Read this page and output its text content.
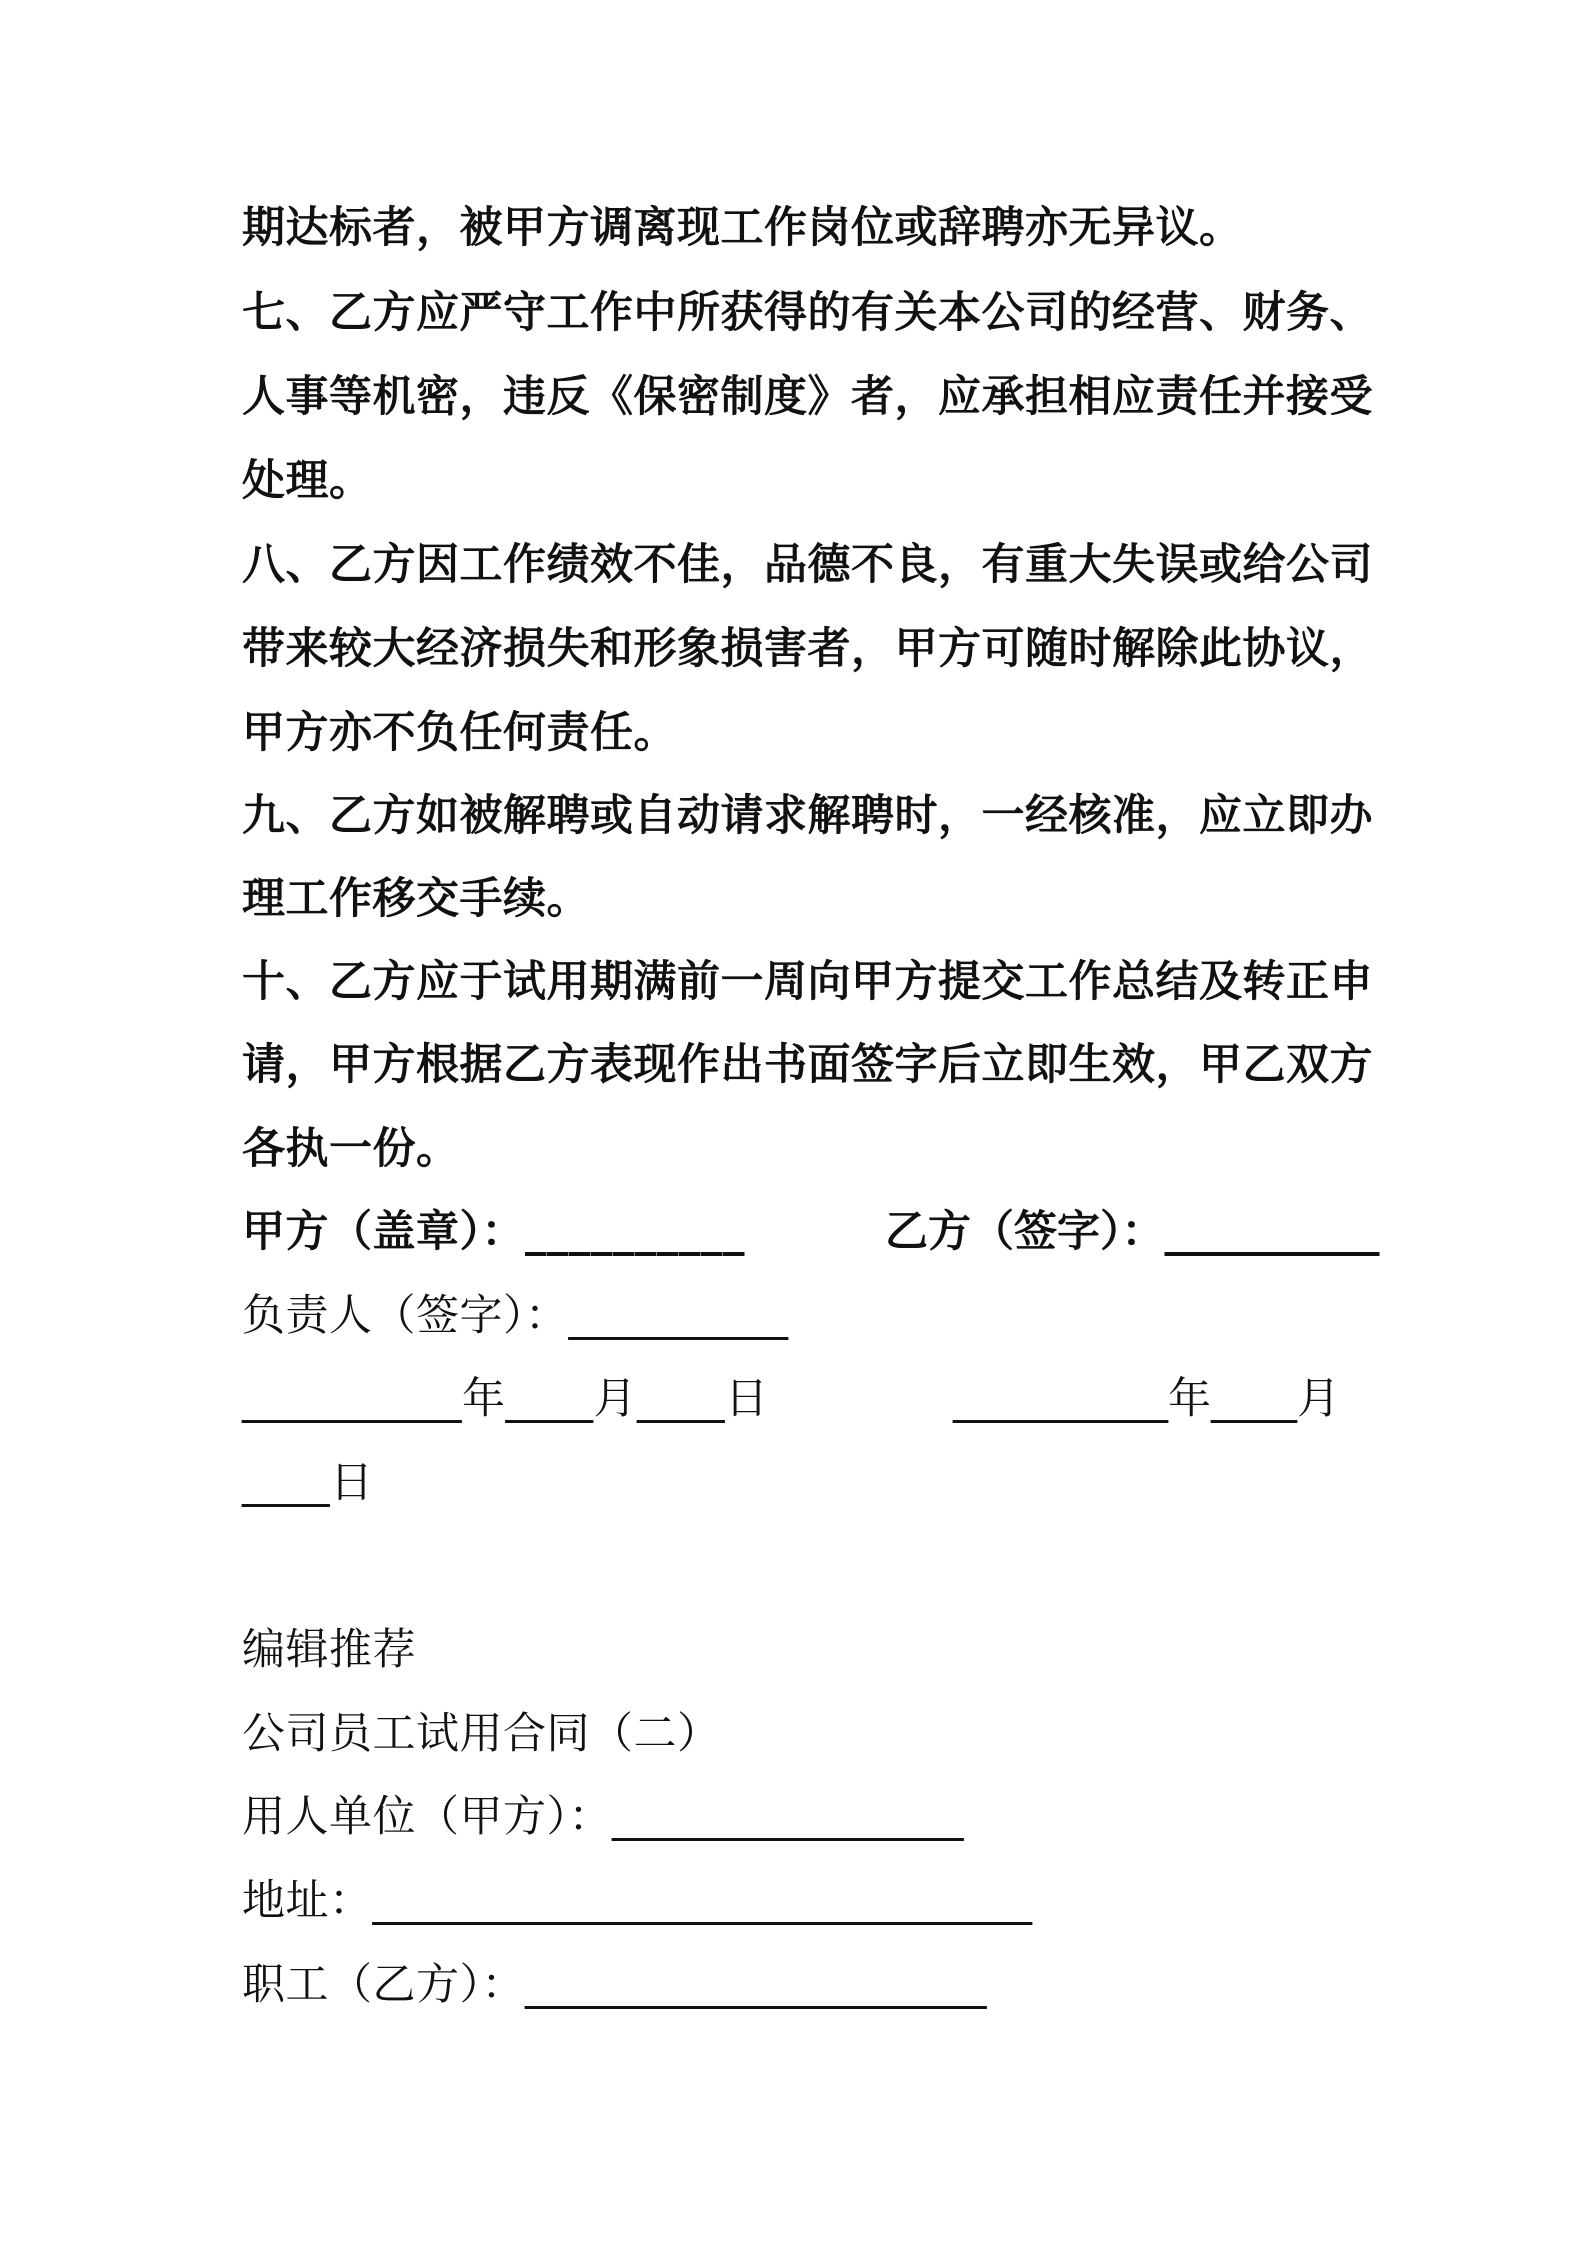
期达标者，被甲方调离现工作岗位或辞聘亦无异议。
七、乙方应严守工作中所获得的有关本公司的经营、财务、
人事等机密，违反《保密制度》者，应承担相应责任并接受
处理。
八、乙方因工作绩效不佳，品德不良，有重大失误或给公司
带来较大经济损失和形象损害者，甲方可随时解除此协议，
甲方亦不负任何责任。
九、乙方如被解聘或自动请求解聘时，一经核准，应立即办
理工作移交手续。
十、乙方应于试用期满前一周向甲方提交工作总结及转正申
请，甲方根据乙方表现作出书面签字后立即生效，甲乙双方
各执一份。
甲方（盖章）：__________	乙方（签字）：__________
负责人（签字）：__________
__________年____月____日	__________年____月
____日
编辑推荐
公司员工试用合同（二）
用人单位（甲方）：________________
地址：______________________________
职工（乙方）：_____________________
